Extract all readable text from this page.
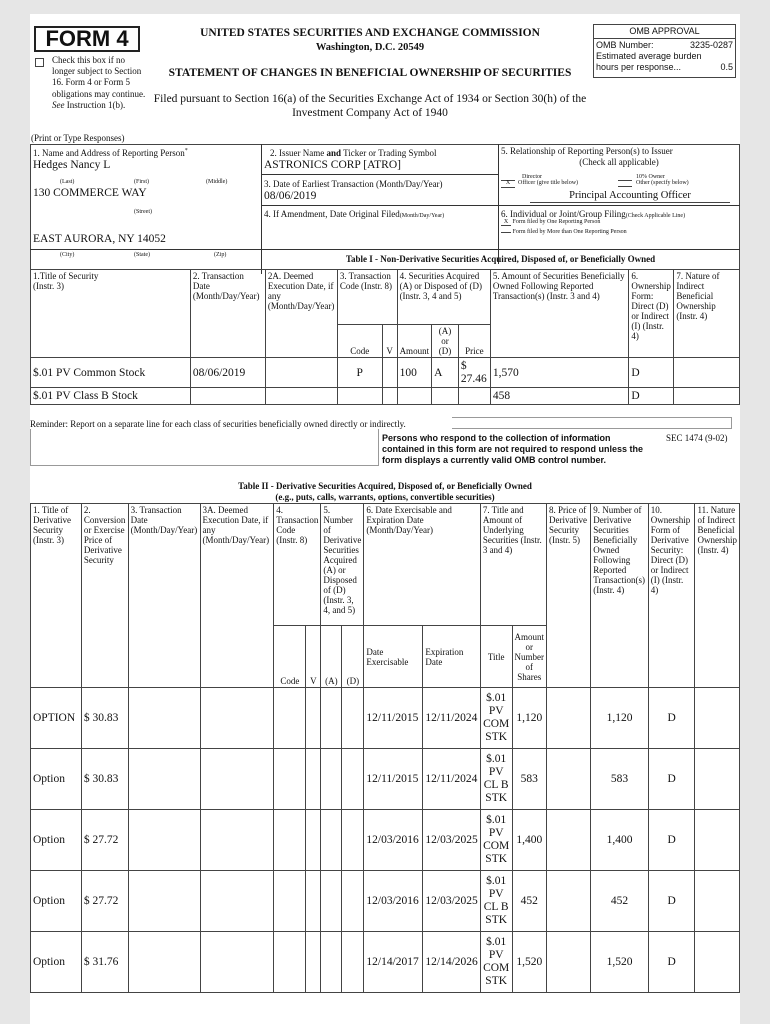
FORM 4
Check this box if no longer subject to Section 16. Form 4 or Form 5 obligations may continue. See Instruction 1(b).
UNITED STATES SECURITIES AND EXCHANGE COMMISSION
Washington, D.C. 20549
STATEMENT OF CHANGES IN BENEFICIAL OWNERSHIP OF SECURITIES
Filed pursuant to Section 16(a) of the Securities Exchange Act of 1934 or Section 30(h) of the
Investment Company Act of 1940
OMB APPROVAL
OMB Number:	3235-0287
Estimated average burden
hours per response...	0.5
(Print or Type Responses)
1. Name and Address of Reporting Person*
Hedges Nancy L
(Last)	(First)	(Middle)
130 COMMERCE WAY
(Street)
EAST AURORA, NY 14052
(City)	(State)	(Zip)
2. Issuer Name and Ticker or Trading Symbol
ASTRONICS CORP [ATRO]
3. Date of Earliest Transaction (Month/Day/Year)
08/06/2019
4. If Amendment, Date Original Filed(Month/Day/Year)
5. Relationship of Reporting Person(s) to Issuer
(Check all applicable)
Director	10% Owner
X	Officer (give title below)	Other (specify below)
Principal Accounting Officer
6. Individual or Joint/Group Filing(Check Applicable Line)
X Form filed by One Reporting Person
Form filed by More than One Reporting Person
Table I - Non-Derivative Securities Acquired, Disposed of, or Beneficially Owned
1.Title of Security
(Instr. 3)	2. Transaction Date (Month/Day/Year)	2A. Deemed Execution Date, if any (Month/Day/Year)	3. Transaction Code (Instr. 8)		4. Securities Acquired (A) or Disposed of (D) (Instr. 3, 4 and 5)			5. Amount of Securities Beneficially Owned Following Reported Transaction(s) (Instr. 3 and 4)	6. Ownership Form: Direct (D) or Indirect (I) (Instr. 4)	7. Nature of Indirect Beneficial Ownership (Instr. 4)
			Code	V	Amount	(A) or (D)	Price			
$.01 PV Common Stock	08/06/2019		P		100	A	$
27.46	1,570	D	
$.01 PV Class B Stock								458	D	
Reminder: Report on a separate line for each class of securities beneficially owned directly or indirectly.
Persons who respond to the collection of information contained in this form are not required to respond unless the form displays a currently valid OMB control number.
SEC 1474 (9-02)
Table II - Derivative Securities Acquired, Disposed of, or Beneficially Owned
(e.g., puts, calls, warrants, options, convertible securities)
1. Title of Derivative Security (Instr. 3)	2. Conversion or Exercise Price of Derivative Security	3. Transaction Date (Month/Day/Year)	3A. Deemed Execution Date, if any (Month/Day/Year)	4. Transaction Code (Instr. 8)		5. Number of Derivative Securities Acquired (A) or Disposed of (D) (Instr. 3, 4, and 5)		6. Date Exercisable and Expiration Date (Month/Day/Year)		7. Title and Amount of Underlying Securities (Instr. 3 and 4)		8. Price of Derivative Security (Instr. 5)	9. Number of Derivative Securities Beneficially Owned Following Reported Transaction(s) (Instr. 4)	10. Ownership Form of Derivative Security: Direct (D) or Indirect (I) (Instr. 4)	11. Nature of Indirect Beneficial Ownership (Instr. 4)
				Code	V	(A)	(D)	Date Exercisable	Expiration Date	Title	Amount or Number of Shares				
OPTION	$ 30.83							12/11/2015	12/11/2024	$.01 PV COM STK	1,120		1,120	D	
Option	$ 30.83							12/11/2015	12/11/2024	$.01 PV CL B STK	583		583	D	
Option	$ 27.72							12/03/2016	12/03/2025	$.01 PV COM STK	1,400		1,400	D	
Option	$ 27.72							12/03/2016	12/03/2025	$.01 PV CL B STK	452		452	D	
Option	$ 31.76							12/14/2017	12/14/2026	$.01 PV COM STK	1,520		1,520	D	
